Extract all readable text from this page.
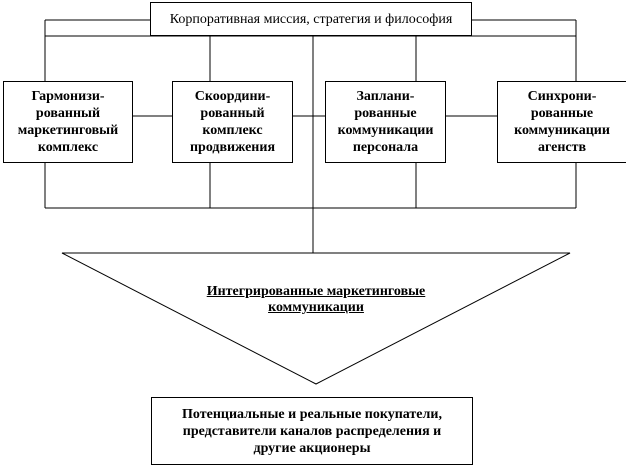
Корпоративная миссия, стратегия и философия
Гармонизи-рованный маркетинговый комплекс
Скоордини-рованный комплекс продвижения
Заплани-рованные коммуникации персонала
Синхрони-рованные коммуникации агенств
Интегрированные маркетинговые коммуникации
Потенциальные и реальные покупатели, представители каналов распределения и другие акционеры
